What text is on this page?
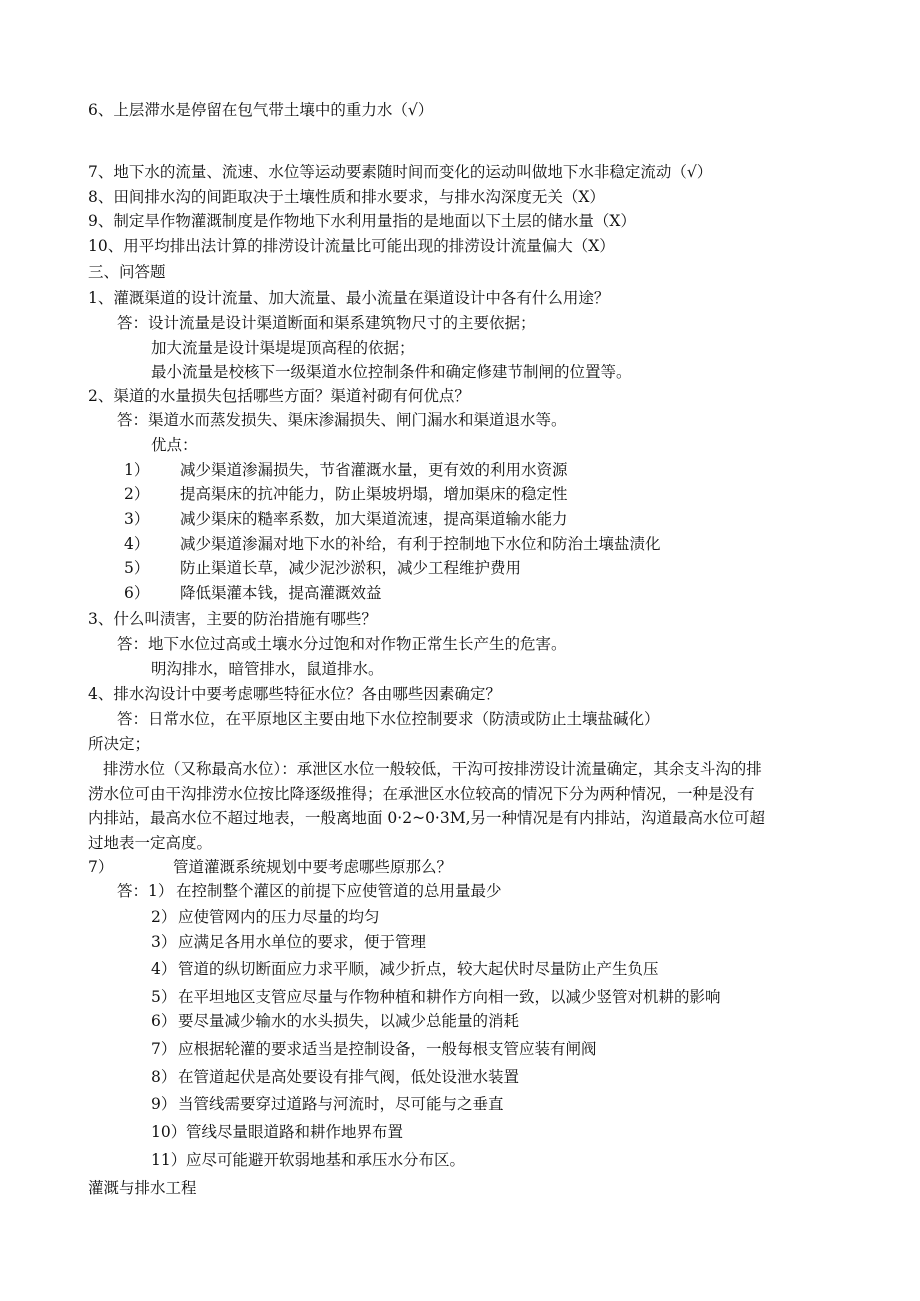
6、上层滞水是停留在包气带土壤中的重力水（√）
7、地下水的流量、流速、水位等运动要素随时间而变化的运动叫做地下水非稳定流动（√）
8、田间排水沟的间距取决于土壤性质和排水要求，与排水沟深度无关（X）
9、制定旱作物灌溉制度是作物地下水利用量指的是地面以下土层的储水量（X）
10、用平均排出法计算的排涝设计流量比可能出现的排涝设计流量偏大（X）
三、问答题
1、灌溉渠道的设计流量、加大流量、最小流量在渠道设计中各有什么用途？
答：设计流量是设计渠道断面和渠系建筑物尺寸的主要依据；
加大流量是设计渠堤堤顶高程的依据；
最小流量是校核下一级渠道水位控制条件和确定修建节制闸的位置等。
2、渠道的水量损失包括哪些方面？渠道衬砌有何优点？
答：渠道水而蒸发损失、渠床渗漏损失、闸门漏水和渠道退水等。
优点：
1） 减少渠道渗漏损失，节省灌溉水量，更有效的利用水资源
2） 提高渠床的抗冲能力，防止渠坡坍塌，增加渠床的稳定性
3） 减少渠床的糙率系数，加大渠道流速，提高渠道输水能力
4） 减少渠道渗漏对地下水的补给，有利于控制地下水位和防治土壤盐渍化
5） 防止渠道长草，减少泥沙淤积，减少工程维护费用
6） 降低渠灌本钱，提高灌溉效益
3、什么叫渍害，主要的防治措施有哪些？
答：地下水位过高或土壤水分过饱和对作物正常生长产生的危害。
明沟排水，暗管排水，鼠道排水。
4、排水沟设计中要考虑哪些特征水位？各由哪些因素确定？
答：日常水位，在平原地区主要由地下水位控制要求（防渍或防止土壤盐碱化）
所决定；
排涝水位（又称最高水位）：承泄区水位一般较低，干沟可按排涝设计流量确定，其余支斗沟的排
涝水位可由干沟排涝水位按比降逐级推得；在承泄区水位较高的情况下分为两种情况，一种是没有
内排站，最高水位不超过地表，一般离地面 0·2~0·3M,另一种情况是有内排站，沟道最高水位可超
过地表一定高度。
7）	管道灌溉系统规划中要考虑哪些原那么？
答： 1） 在控制整个灌区的前提下应使管道的总用量最少
2） 应使管网内的压力尽量的均匀
3） 应满足各用水单位的要求，便于管理
4） 管道的纵切断面应力求平顺，减少折点，较大起伏时尽量防止产生负压
5） 在平坦地区支管应尽量与作物种植和耕作方向相一致，以减少竖管对机耕的影响
6） 要尽量减少输水的水头损失，以减少总能量的消耗
7） 应根据轮灌的要求适当是控制设备，一般每根支管应装有闸阀
8） 在管道起伏是高处要设有排气阀，低处设泄水装置
9） 当管线需要穿过道路与河流时，尽可能与之垂直
10） 管线尽量眼道路和耕作地界布置
11） 应尽可能避开软弱地基和承压水分布区。
灌溉与排水工程
